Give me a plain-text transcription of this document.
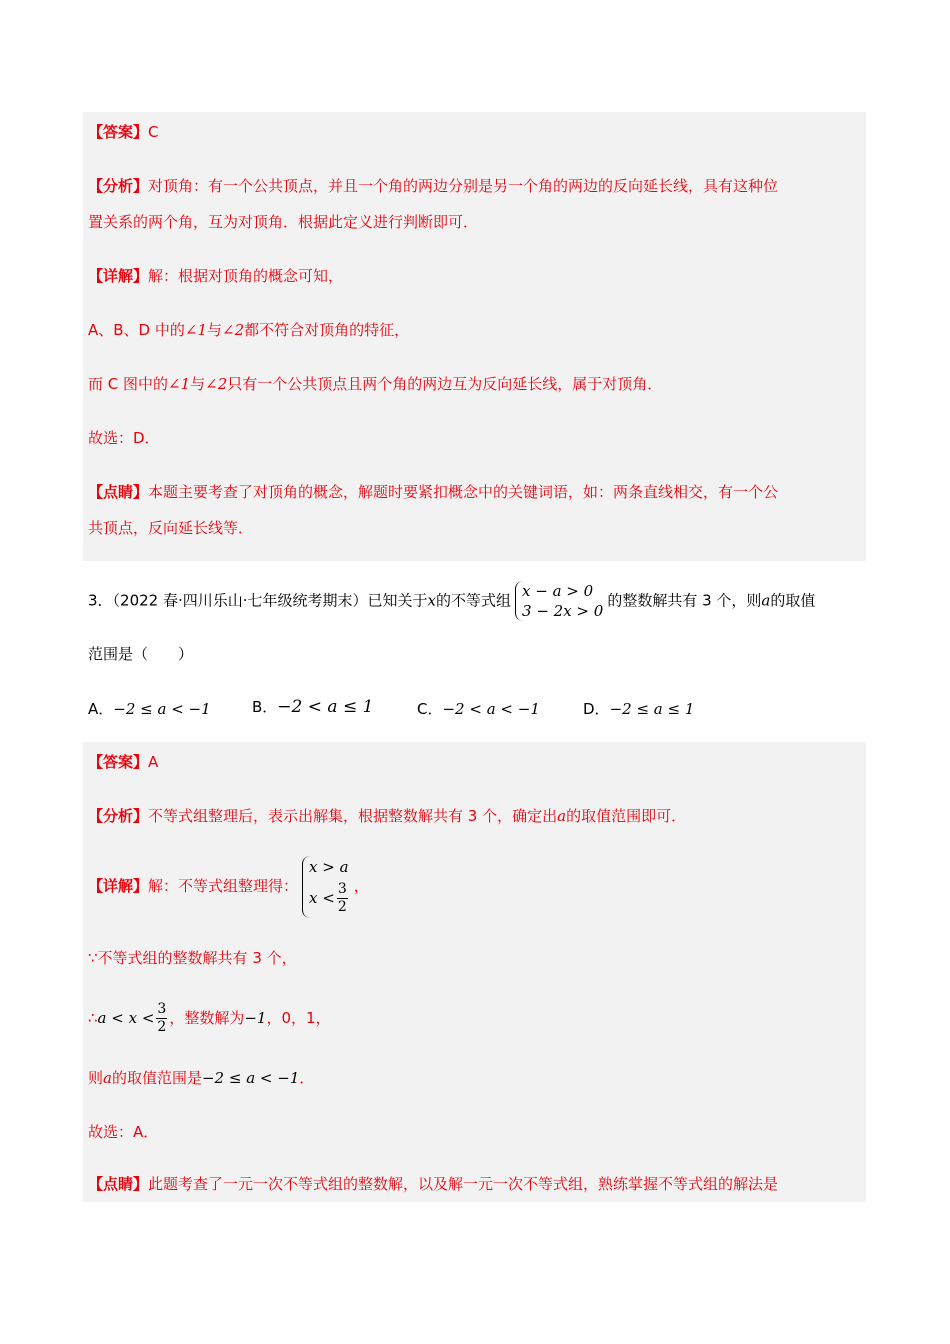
【答案】C
【分析】对顶角：有一个公共顶点，并且一个角的两边分别是另一个角的两边的反向延长线，具有这种位
置关系的两个角，互为对顶角．根据此定义进行判断即可．
【详解】解：根据对顶角的概念可知，
A、B、D 中的∠1与∠2都不符合对顶角的特征，
而 C 图中的∠1与∠2只有一个公共顶点且两个角的两边互为反向延长线，属于对顶角．
故选：D．
【点睛】本题主要考查了对顶角的概念，解题时要紧扣概念中的关键词语，如：两条直线相交，有一个公
共顶点，反向延长线等．
3．（2022 春·四川乐山·七年级统考期末）已知关于x的不等式组
x − a > 0
3 − 2x > 0
的整数解共有 3 个，则a的取值
范围是（　　）
A．−2 ≤ a < −1	B．−2 < a ≤ 1	C．−2 < a < −1	D．−2 ≤ a ≤ 1
【答案】A
【分析】不等式组整理后，表示出解集，根据整数解共有 3 个，确定出a的取值范围即可．
【详解】解：不等式组整理得：
x > a
$x < \frac{3}{2}$ ，
∵不等式组的整数解共有 3 个，
∴a < $x < \frac{3}{2}$ ，整数解为−1，0，1，
则a的取值范围是−2 ≤ a < −1．
故选：A．
【点睛】此题考查了一元一次不等式组的整数解，以及解一元一次不等式组，熟练掌握不等式组的解法是
